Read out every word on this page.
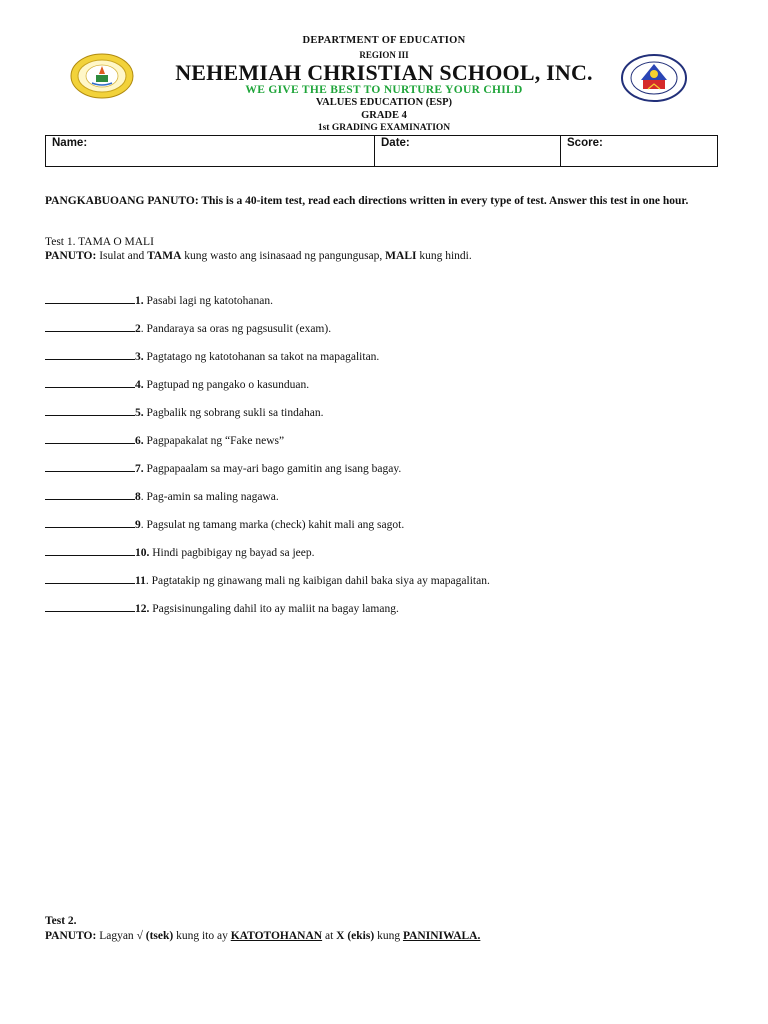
DEPARTMENT OF EDUCATION
REGION III
NEHEMIAH CHRISTIAN SCHOOL, INC.
WE GIVE THE BEST TO NURTURE YOUR CHILD
VALUES EDUCATION (ESP)
GRADE 4
1st GRADING EXAMINATION
Name:	Date:	Score:
PANGKABUOANG PANUTO: This is a 40-item test, read each directions written in every type of test. Answer this test in one hour.
Test 1. TAMA O MALI
PANUTO: Isulat and TAMA kung wasto ang isinasaad ng pangungusap, MALI kung hindi.
1. Pasabi lagi ng katotohanan.
2. Pandaraya sa oras ng pagsusulit (exam).
3. Pagtatago ng katotohanan sa takot na mapagalitan.
4. Pagtupad ng pangako o kasunduan.
5. Pagbalik ng sobrang sukli sa tindahan.
6. Pagpapakalat ng “Fake news”
7. Pagpapaalam sa may-ari bago gamitin ang isang bagay.
8. Pag-amin sa maling nagawa.
9. Pagsulat ng tamang marka (check) kahit mali ang sagot.
10. Hindi pagbibigay ng bayad sa jeep.
11. Pagtatakip ng ginawang mali ng kaibigan dahil baka siya ay mapagalitan.
12. Pagsisinungaling dahil ito ay maliit na bagay lamang.
Test 2.
PANUTO: Lagyan √ (tsek) kung ito ay KATOTOHANAN at X (ekis) kung PANINIWALA.
